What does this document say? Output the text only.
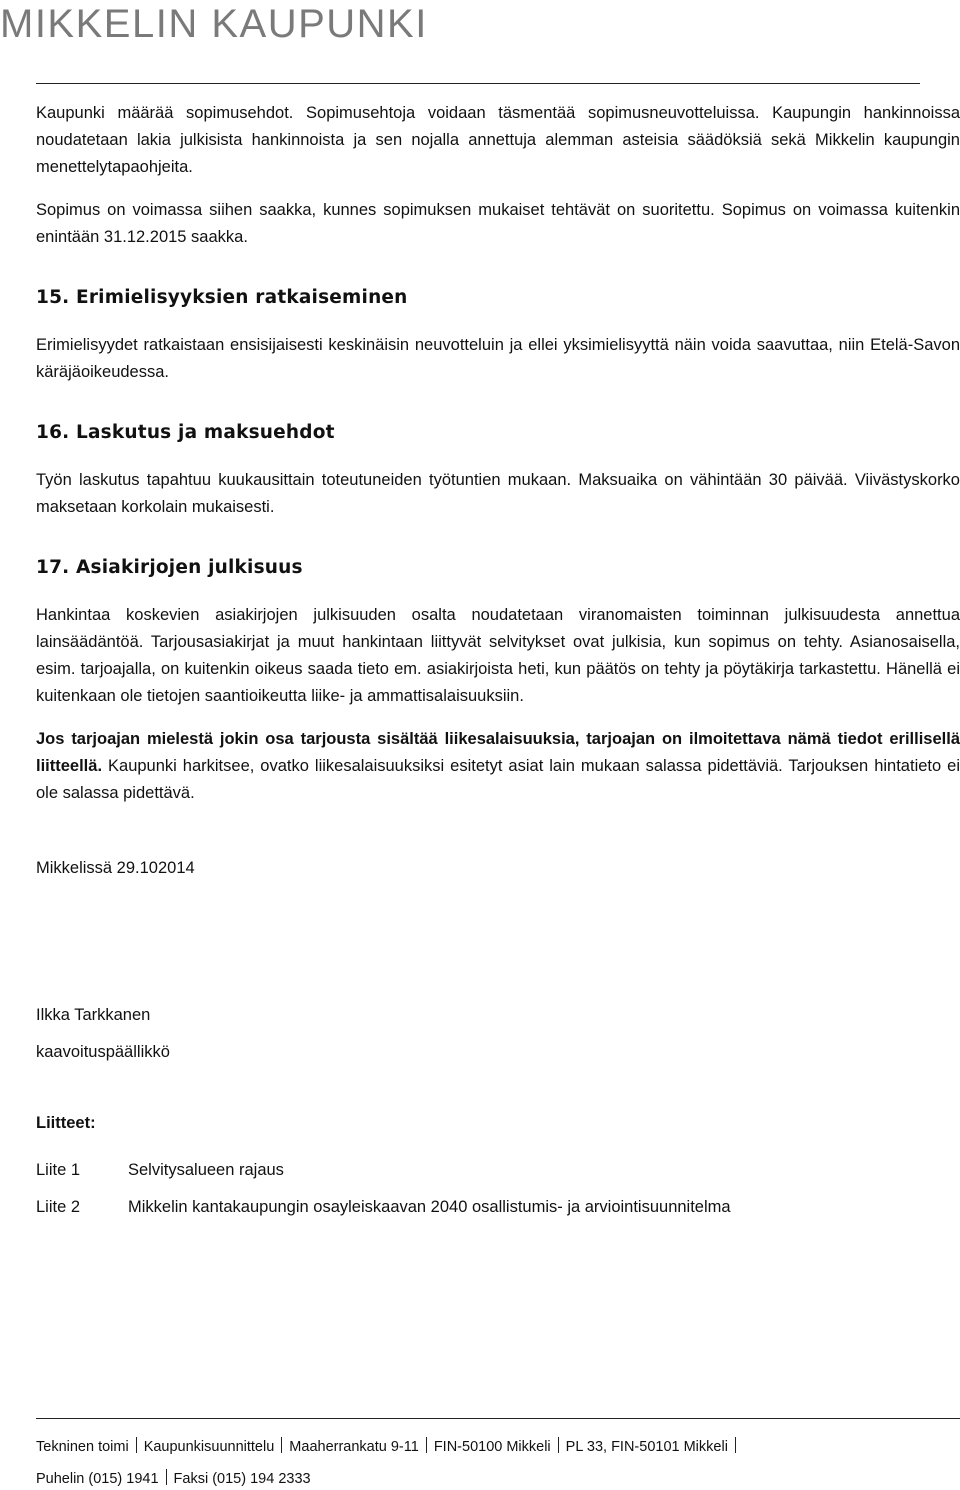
MIKKELIN KAUPUNKI

Kaupunki määrää sopimusehdot. Sopimusehtoja voidaan täsmentää sopimusneuvotteluissa. Kaupungin hankinnoissa noudatetaan lakia julkisista hankinnoista ja sen nojalla annettuja alemman asteisia säädöksiä sekä Mikkelin kaupungin menettelytapaohjeita.

Sopimus on voimassa siihen saakka, kunnes sopimuksen mukaiset tehtävät on suoritettu. Sopimus on voimassa kuitenkin enintään 31.12.2015 saakka.

15. Erimielisyyksien ratkaiseminen

Erimielisyydet ratkaistaan ensisijaisesti keskinäisin neuvotteluin ja ellei yksimielisyyttä näin voida saavuttaa, niin Etelä-Savon käräjäoikeudessa.

16. Laskutus ja maksuehdot

Työn laskutus tapahtuu kuukausittain toteutuneiden työtuntien mukaan. Maksuaika on vähintään 30 päivää. Viivästyskorko maksetaan korkolain mukaisesti.

17. Asiakirjojen julkisuus

Hankintaa koskevien asiakirjojen julkisuuden osalta noudatetaan viranomaisten toiminnan julkisuudesta annettua lainsäädäntöä. Tarjousasiakirjat ja muut hankintaan liittyvät selvitykset ovat julkisia, kun sopimus on tehty. Asianosaisella, esim. tarjoajalla, on kuitenkin oikeus saada tieto em. asiakirjoista heti, kun päätös on tehty ja pöytäkirja tarkastettu. Hänellä ei kuitenkaan ole tietojen saantioikeutta liike- ja ammattisalaisuuksiin.

Jos tarjoajan mielestä jokin osa tarjousta sisältää liikesalaisuuksia, tarjoajan on ilmoitettava nämä tiedot erillisellä liitteellä. Kaupunki harkitsee, ovatko liikesalaisuuksiksi esitetyt asiat lain mukaan salassa pidettäviä. Tarjouksen hintatieto ei ole salassa pidettävä.

Mikkelissä 29.102014
Ilkka Tarkkanen
kaavoituspäällikkö
Liitteet:
Liite 1	Selvitysalueen rajaus
Liite 2	Mikkelin kantakaupungin osayleiskaavan 2040 osallistumis- ja arviointisuunnitelma
Tekninen toimi Kaupunkisuunnittelu Maaherrankatu 9-11 FIN-50100 Mikkeli PL 33, FIN-50101 Mikkeli
Puhelin (015) 1941 Faksi (015) 194 2333
